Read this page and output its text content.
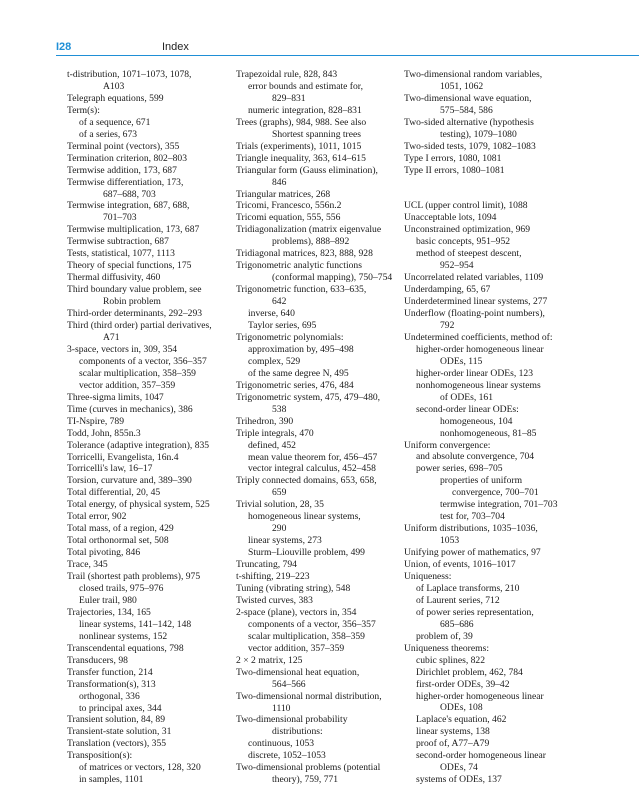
I28	Index
t-distribution, 1071–1073, 1078,
A103
Telegraph equations, 599
Term(s):
of a sequence, 671
of a series, 673
Terminal point (vectors), 355
Termination criterion, 802–803
Termwise addition, 173, 687
Termwise differentiation, 173,
687–688, 703
Termwise integration, 687, 688,
701–703
Termwise multiplication, 173, 687
Termwise subtraction, 687
Tests, statistical, 1077, 1113
Theory of special functions, 175
Thermal diffusivity, 460
Third boundary value problem, see
Robin problem
Third-order determinants, 292–293
Third (third order) partial derivatives,
A71
3-space, vectors in, 309, 354
components of a vector, 356–357
scalar multiplication, 358–359
vector addition, 357–359
Three-sigma limits, 1047
Time (curves in mechanics), 386
TI-Nspire, 789
Todd, John, 855n.3
Tolerance (adaptive integration), 835
Torricelli, Evangelista, 16n.4
Torricelli's law, 16–17
Torsion, curvature and, 389–390
Total differential, 20, 45
Total energy, of physical system, 525
Total error, 902
Total mass, of a region, 429
Total orthonormal set, 508
Total pivoting, 846
Trace, 345
Trail (shortest path problems), 975
closed trails, 975–976
Euler trail, 980
Trajectories, 134, 165
linear systems, 141–142, 148
nonlinear systems, 152
Transcendental equations, 798
Transducers, 98
Transfer function, 214
Transformation(s), 313
orthogonal, 336
to principal axes, 344
Transient solution, 84, 89
Transient-state solution, 31
Translation (vectors), 355
Transposition(s):
of matrices or vectors, 128, 320
in samples, 1101
Trapezoidal rule, 828, 843
error bounds and estimate for,
829–831
numeric integration, 828–831
Trees (graphs), 984, 988. See also
Shortest spanning trees
Trials (experiments), 1011, 1015
Triangle inequality, 363, 614–615
Triangular form (Gauss elimination),
846
Triangular matrices, 268
Tricomi, Francesco, 556n.2
Tricomi equation, 555, 556
Tridiagonalization (matrix eigenvalue
problems), 888–892
Tridiagonal matrices, 823, 888, 928
Trigonometric analytic functions
(conformal mapping), 750–754
Trigonometric function, 633–635,
642
inverse, 640
Taylor series, 695
Trigonometric polynomials:
approximation by, 495–498
complex, 529
of the same degree N, 495
Trigonometric series, 476, 484
Trigonometric system, 475, 479–480,
538
Trihedron, 390
Triple integrals, 470
defined, 452
mean value theorem for, 456–457
vector integral calculus, 452–458
Triply connected domains, 653, 658,
659
Trivial solution, 28, 35
homogeneous linear systems,
290
linear systems, 273
Sturm–Liouville problem, 499
Truncating, 794
t-shifting, 219–223
Tuning (vibrating string), 548
Twisted curves, 383
2-space (plane), vectors in, 354
components of a vector, 356–357
scalar multiplication, 358–359
vector addition, 357–359
2 × 2 matrix, 125
Two-dimensional heat equation,
564–566
Two-dimensional normal distribution,
1110
Two-dimensional probability
distributions:
continuous, 1053
discrete, 1052–1053
Two-dimensional problems (potential
theory), 759, 771
Two-dimensional random variables,
1051, 1062
Two-dimensional wave equation,
575–584, 586
Two-sided alternative (hypothesis
testing), 1079–1080
Two-sided tests, 1079, 1082–1083
Type I errors, 1080, 1081
Type II errors, 1080–1081
UCL (upper control limit), 1088
Unacceptable lots, 1094
Unconstrained optimization, 969
basic concepts, 951–952
method of steepest descent,
952–954
Uncorrelated related variables, 1109
Underdamping, 65, 67
Underdetermined linear systems, 277
Underflow (floating-point numbers),
792
Undetermined coefficients, method of:
higher-order homogeneous linear
ODEs, 115
higher-order linear ODEs, 123
nonhomogeneous linear systems
of ODEs, 161
second-order linear ODEs:
homogeneous, 104
nonhomogeneous, 81–85
Uniform convergence:
and absolute convergence, 704
power series, 698–705
properties of uniform
convergence, 700–701
termwise integration, 701–703
test for, 703–704
Uniform distributions, 1035–1036,
1053
Unifying power of mathematics, 97
Union, of events, 1016–1017
Uniqueness:
of Laplace transforms, 210
of Laurent series, 712
of power series representation,
685–686
problem of, 39
Uniqueness theorems:
cubic splines, 822
Dirichlet problem, 462, 784
first-order ODEs, 39–42
higher-order homogeneous linear
ODEs, 108
Laplace's equation, 462
linear systems, 138
proof of, A77–A79
second-order homogeneous linear
ODEs, 74
systems of ODEs, 137
